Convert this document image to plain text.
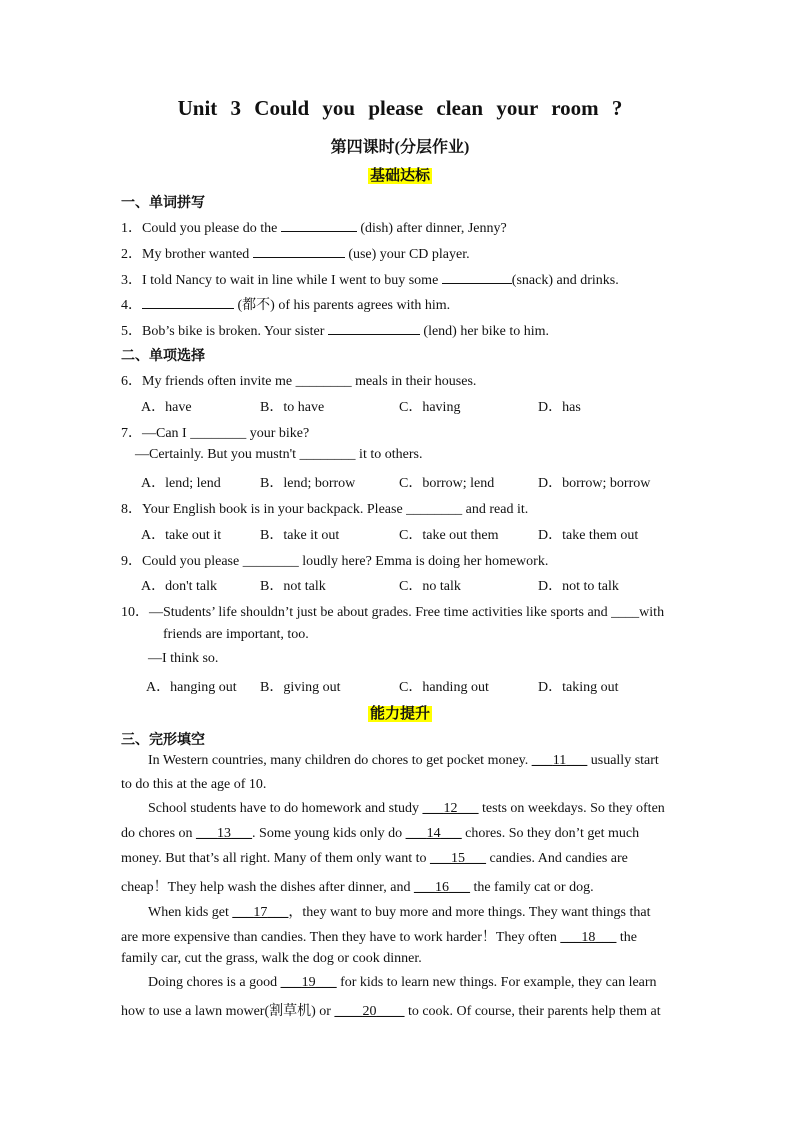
Unit 3 Could you please clean your room ?
第四课时(分层作业)
基础达标
一、单词拼写
1．Could you please do the	(dish) after dinner, Jenny?
2．My brother wanted	(use) your CD player.
3．I told Nancy to wait in line while I went to buy some	(snack) and drinks.
4．	(都不) of his parents agrees with him.
5．Bob’s bike is broken. Your sister	(lend) her bike to him.
二、单项选择
6．My friends often invite me ________ meals in their houses.
A．have	B．to have	C．having	D．has
7．—Can I ________ your bike?
—Certainly. But you mustn't ________ it to others.
A．lend; lend	B．lend; borrow	C．borrow; lend	D．borrow; borrow
8．Your English book is in your backpack. Please ________ and read it.
A．take out it	B．take it out	C．take out them	D．take them out
9．Could you please ________ loudly here? Emma is doing her homework.
A．don't talk	B．not talk	C．no talk	D．not to talk
10．—Students’ life shouldn’t just be about grades. Free time activities like sports and ____with
friends are important, too.
—I think so.
A．hanging out B．giving out	C．handing out	D．taking out
能力提升
三、完形填空
In Western countries, many children do chores to get pocket money. ___11___ usually start
to do this at the age of 10.
School students have to do homework and study ___12___ tests on weekdays. So they often
do chores on ___13___. Some young kids only do ___14___ chores. So they don’t get much
money. But that’s all right. Many of them only want to ___15___ candies. And candies are
cheap！They help wash the dishes after dinner, and ___16___ the family cat or dog.
When kids get ___17___，they want to buy more and more things. They want things that
are more expensive than candies. Then they have to work harder！They often ___18___ the
family car, cut the grass, walk the dog or cook dinner.
Doing chores is a good ___19___ for kids to learn new things. For example, they can learn
how to use a lawn mower(割草机) or ____20____ to cook. Of course, their parents help them at
